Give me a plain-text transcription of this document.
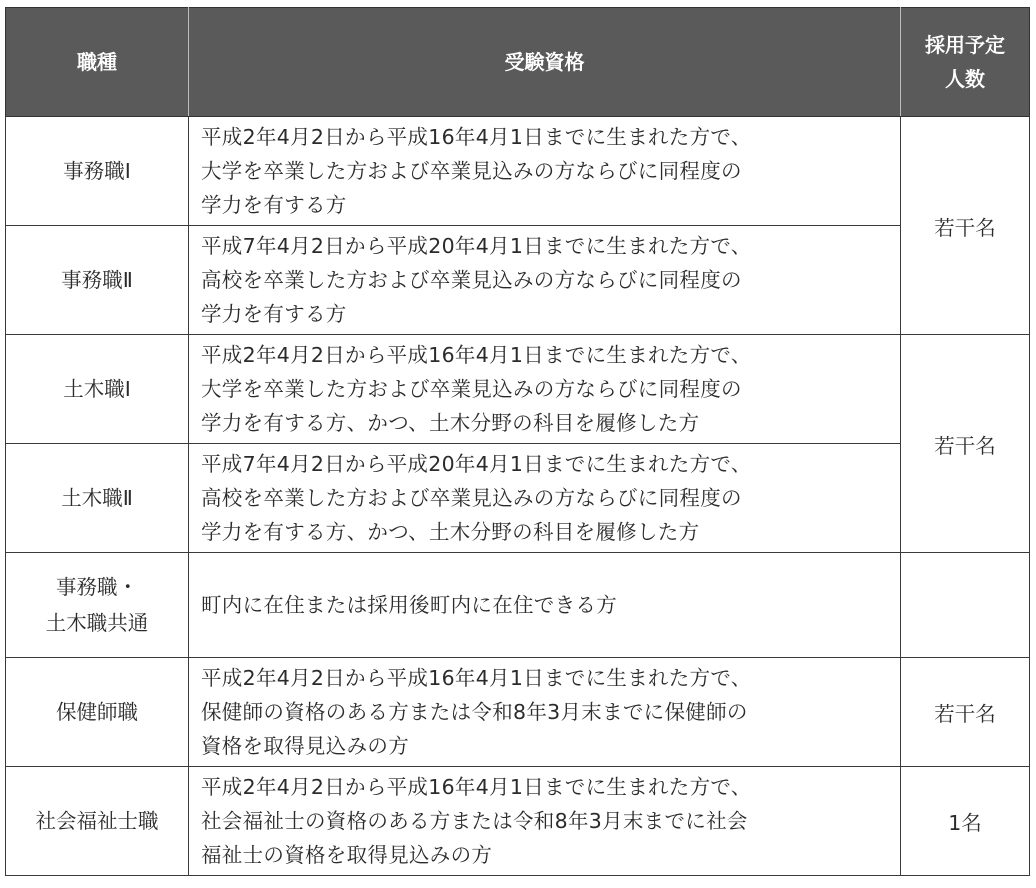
職種	受験資格	採用予定
人数
事務職Ⅰ	平成2年4月2日から平成16年4月1日までに生まれた方で、
大学を卒業した方および卒業見込みの方ならびに同程度の
学力を有する方	若干名
事務職Ⅱ	平成7年4月2日から平成20年4月1日までに生まれた方で、
高校を卒業した方および卒業見込みの方ならびに同程度の
学力を有する方	
土木職Ⅰ	平成2年4月2日から平成16年4月1日までに生まれた方で、
大学を卒業した方および卒業見込みの方ならびに同程度の
学力を有する方、かつ、土木分野の科目を履修した方	若干名
土木職Ⅱ	平成7年4月2日から平成20年4月1日までに生まれた方で、
高校を卒業した方および卒業見込みの方ならびに同程度の
学力を有する方、かつ、土木分野の科目を履修した方	
事務職・
土木職共通	町内に在住または採用後町内に在住できる方	
保健師職	平成2年4月2日から平成16年4月1日までに生まれた方で、
保健師の資格のある方または令和8年3月末までに保健師の
資格を取得見込みの方	若干名
社会福祉士職	平成2年4月2日から平成16年4月1日までに生まれた方で、
社会福祉士の資格のある方または令和8年3月末までに社会
福祉士の資格を取得見込みの方	1名
